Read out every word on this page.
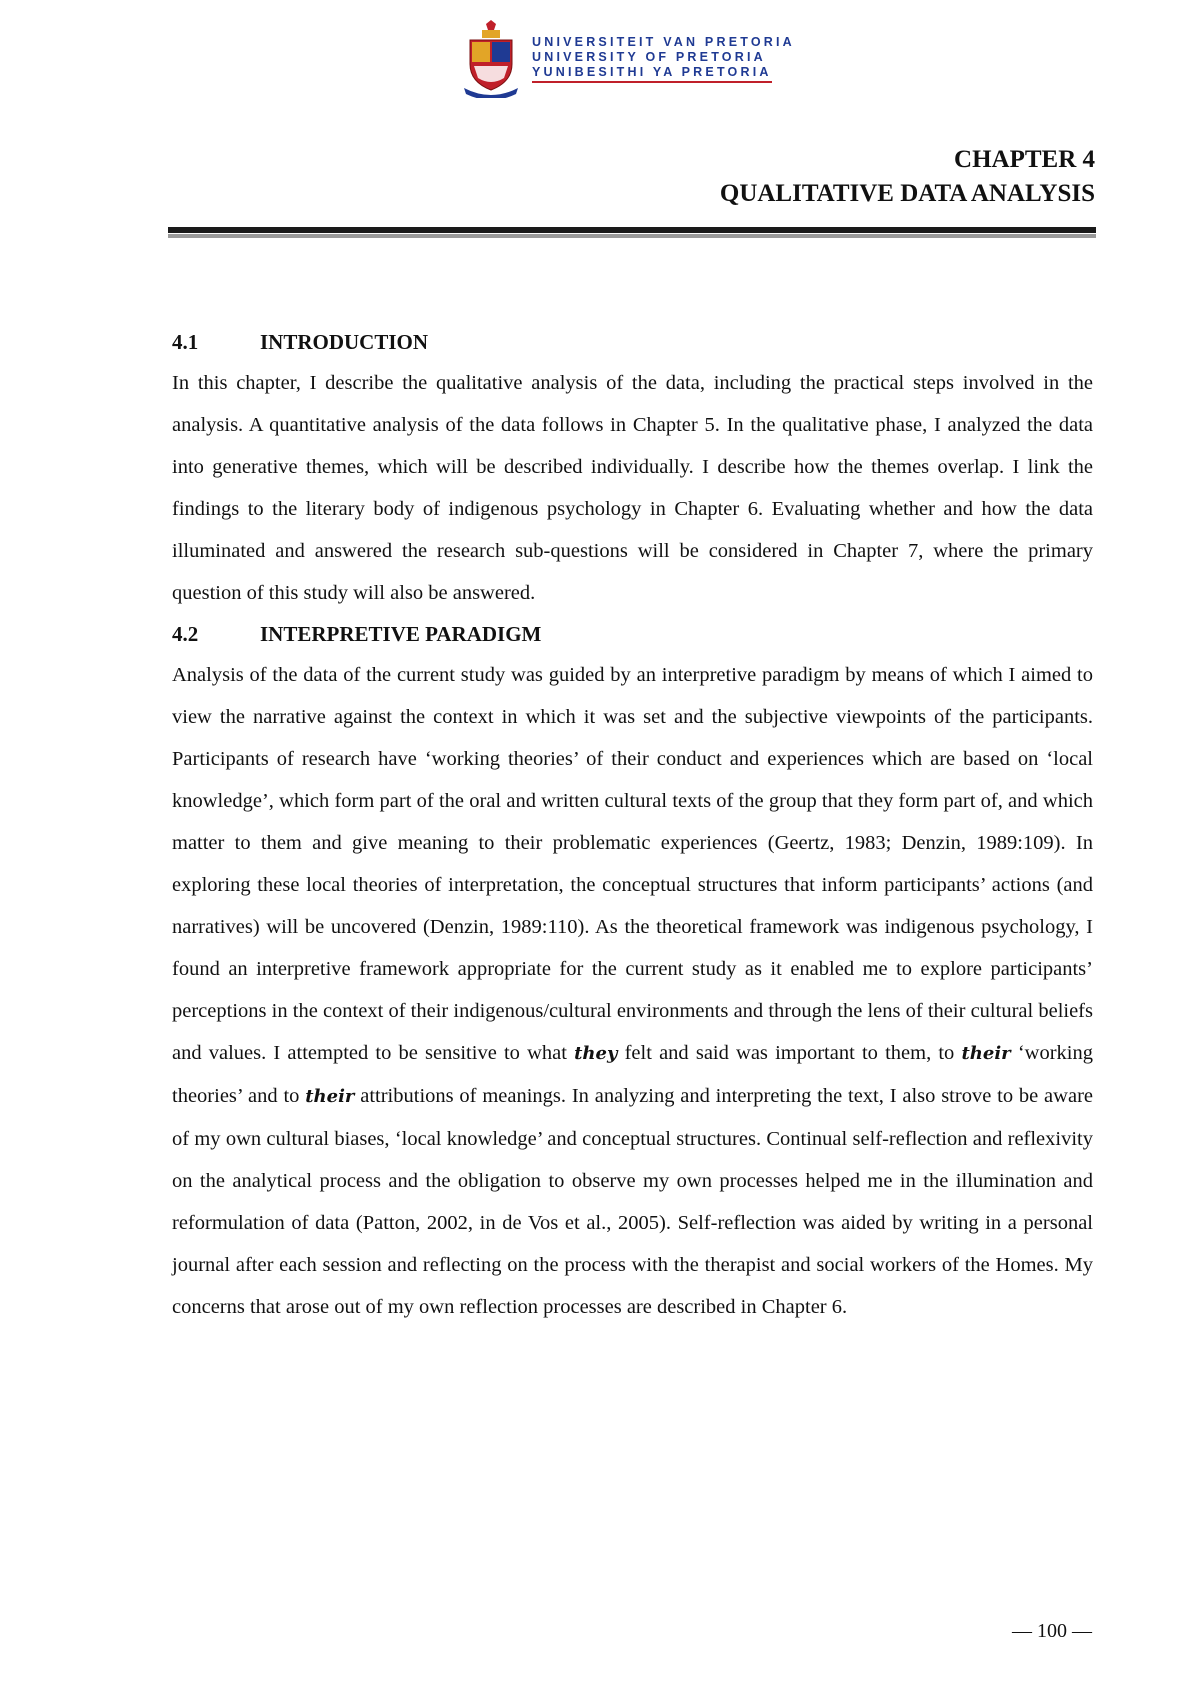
UNIVERSITEIT VAN PRETORIA
UNIVERSITY OF PRETORIA
YUNIBESITHI YA PRETORIA
CHAPTER 4
QUALITATIVE DATA ANALYSIS
4.1	INTRODUCTION

In this chapter, I describe the qualitative analysis of the data, including the practical steps involved in the analysis. A quantitative analysis of the data follows in Chapter 5. In the qualitative phase, I analyzed the data into generative themes, which will be described individually. I describe how the themes overlap. I link the findings to the literary body of indigenous psychology in Chapter 6. Evaluating whether and how the data illuminated and answered the research sub-questions will be considered in Chapter 7, where the primary question of this study will also be answered.

4.2	INTERPRETIVE PARADIGM

Analysis of the data of the current study was guided by an interpretive paradigm by means of which I aimed to view the narrative against the context in which it was set and the subjective viewpoints of the participants. Participants of research have ‘working theories’ of their conduct and experiences which are based on ‘local knowledge’, which form part of the oral and written cultural texts of the group that they form part of, and which matter to them and give meaning to their problematic experiences (Geertz, 1983; Denzin, 1989:109). In exploring these local theories of interpretation, the conceptual structures that inform participants’ actions (and narratives) will be uncovered (Denzin, 1989:110). As the theoretical framework was indigenous psychology, I found an interpretive framework appropriate for the current study as it enabled me to explore participants’ perceptions in the context of their indigenous/cultural environments and through the lens of their cultural beliefs and values. I attempted to be sensitive to what they felt and said was important to them, to their ‘working theories’ and to their attributions of meanings. In analyzing and interpreting the text, I also strove to be aware of my own cultural biases, ‘local knowledge’ and conceptual structures. Continual self-reflection and reflexivity on the analytical process and the obligation to observe my own processes helped me in the illumination and reformulation of data (Patton, 2002, in de Vos et al., 2005). Self-reflection was aided by writing in a personal journal after each session and reflecting on the process with the therapist and social workers of the Homes. My concerns that arose out of my own reflection processes are described in Chapter 6.

— 100 —
